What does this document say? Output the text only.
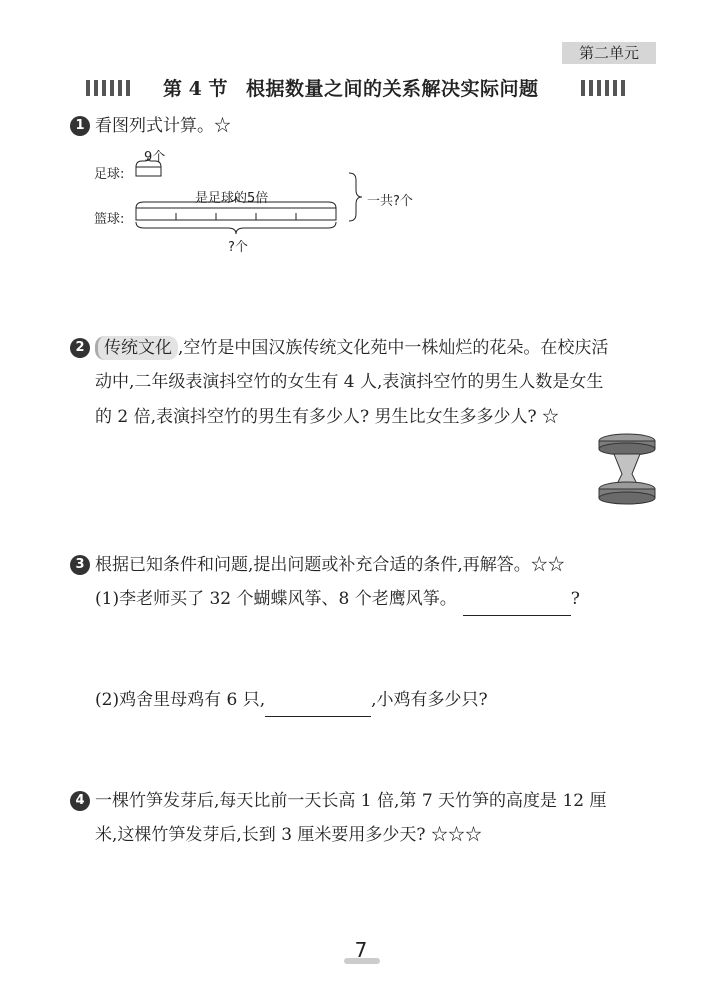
第二单元
第 4 节 根据数量之间的关系解决实际问题
1 看图列式计算。☆
足球:
9个
是足球的5倍
篮球:
一共?个
?个
2	传统文化 ,空竹是中国汉族传统文化苑中一株灿烂的花朵。在校庆活
动中,二年级表演抖空竹的女生有 4 人,表演抖空竹的男生人数是女生
的 2 倍,表演抖空竹的男生有多少人? 男生比女生多多少人? ☆
3 根据已知条件和问题,提出问题或补充合适的条件,再解答。☆☆
(1)李老师买了 32 个蝴蝶风筝、8 个老鹰风筝。	?
(2)鸡舍里母鸡有 6 只,	,小鸡有多少只?
4 一棵竹笋发芽后,每天比前一天长高 1 倍,第 7 天竹笋的高度是 12 厘
米,这棵竹笋发芽后,长到 3 厘米要用多少天? ☆☆☆
7
